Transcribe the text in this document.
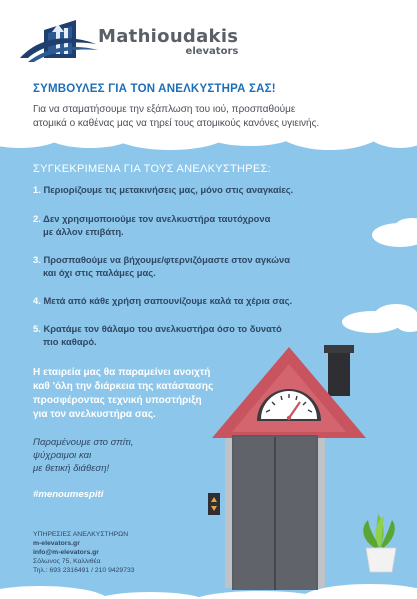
Mathioudakis
elevators
ΣΥΜΒΟΥΛΕΣ ΓΙΑ ΤΟΝ ΑΝΕΛΚΥΣΤΗΡΑ ΣΑΣ!
Για να σταματήσουμε την εξάπλωση του ιού, προσπαθούμε
ατομικά ο καθένας μας να τηρεί τους ατομικούς κανόνες υγιεινής.
ΣΥΓΚΕΚΡΙΜΕΝΑ ΓΙΑ ΤΟΥΣ ΑΝΕΛΚΥΣΤΗΡΕΣ:
1. Περιορίζουμε τις μετακινήσεις μας, μόνο στις αναγκαίες.
2. Δεν χρησιμοποιούμε τον ανελκυστήρα ταυτόχρονα
με άλλον επιβάτη.
3. Προσπαθούμε να βήχουμε/φτερνιζόμαστε στον αγκώνα
και όχι στις παλάμες μας.
4. Μετά από κάθε χρήση σαπουνίζουμε καλά τα χέρια σας.
5. Κρατάμε τον θάλαμο του ανελκυστήρα όσο το δυνατό
πιο καθαρό.
Η εταιρεία μας θα παραμείνει ανοιχτή
καθ 'όλη την διάρκεια της κατάστασης
προσφέροντας τεχνική υποστήριξη
για τον ανελκυστήρα σας.
Παραμένουμε στο σπίτι,
ψύχραιμοι και
με θετική διάθεση!
#menoumespiti
ΥΠΗΡΕΣΙΕΣ ΑΝΕΛΚΥΣΤΗΡΩΝ
m-elevators.gr
info@m-elevators.gr
Σόλωνος 75, Καλλιθέα
Τηλ.: 693 2316491 / 210 9429733
